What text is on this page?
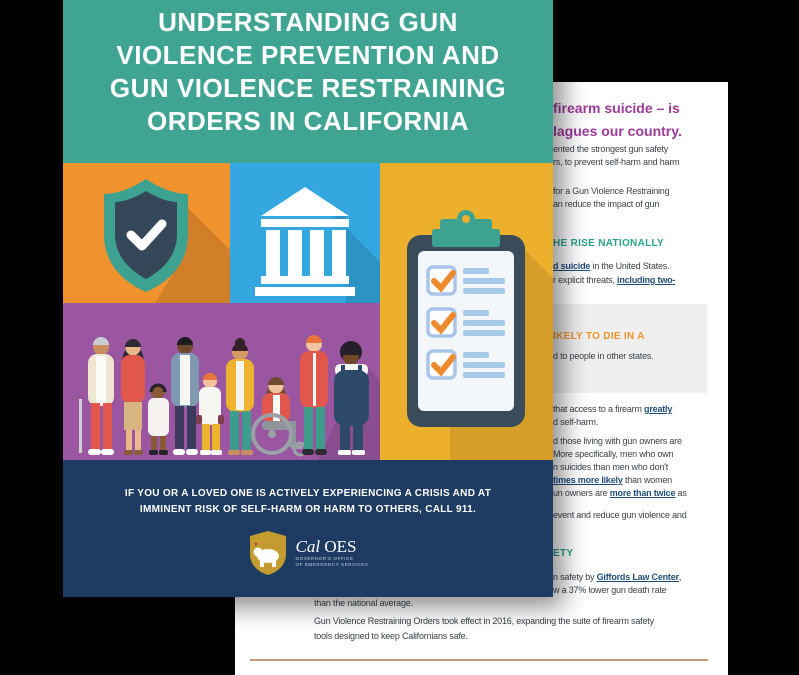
firearm suicide – is
lagues our country.
ented the strongest gun safety
rs, to prevent self-harm and harm
for a Gun Violence Restraining
an reduce the impact of gun
HE RISE NATIONALLY
d suicide in the United States.
r explicit threats, including two-
IKELY TO DIE IN A
d to people in other states.
that access to a firearm greatly
d self-harm.
d those living with gun owners are
More specifically, men who own
n suicides than men who don't
times more likely than women
un owners are more than twice as
event and reduce gun violence and
ETY
n safety by Giffords Law Center,
w a 37% lower gun death rate
than the national average.
Gun Violence Restraining Orders took effect in 2016, expanding the suite of firearm safety
tools designed to keep Californians safe.
UNDERSTANDING GUN
VIOLENCE PREVENTION AND
GUN VIOLENCE RESTRAINING
ORDERS IN CALIFORNIA
IF YOU OR A LOVED ONE IS ACTIVELY EXPERIENCING A CRISIS AND AT
IMMINENT RISK OF SELF-HARM OR HARM TO OTHERS, CALL 911.
Cal OES
GOVERNOR'S OFFICE
OF EMERGENCY SERVICES
